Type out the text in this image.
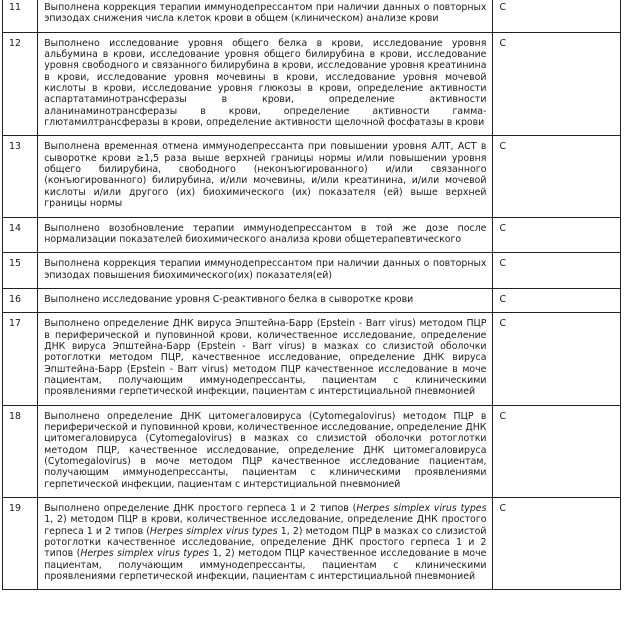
11	Выполнена коррекция терапии иммунодепрессантом при наличии данных о повторных эпизодах снижения числа клеток крови в общем (клиническом) анализе крови	С
12	Выполнено исследование уровня общего белка в крови, исследование уровня альбумина в крови, исследование уровня общего билирубина в крови, исследование уровня свободного и связанного билирубина в крови, исследование уровня креатинина в крови, исследование уровня мочевины в крови, исследование уровня мочевой кислоты в крови, исследование уровня глюкозы в крови, определение активности аспартатаминотрансферазы в крови, определение активности аланинаминотрансферазы в крови, определение активности гамма- глютамилтрансферазы в крови, определение активности щелочной фосфатазы в крови	С
13	Выполнена временная отмена иммунодепрессанта при повышении уровня АЛТ, АСТ в сыворотке крови ≥1,5 раза выше верхней границы нормы и/или повышении уровня общего билирубина, свободного (неконъюгированного) и/или связанного (конъюгированного) билирубина, и/или мочевины, и/или креатинина, и/или мочевой кислоты и/или другого (их) биохимического (их) показателя (ей) выше верхней границы нормы	С
14	Выполнено возобновление терапии иммунодепрессантом в той же дозе после нормализации показателей биохимического анализа крови общетерапевтического	С
15	Выполнена коррекция терапии иммунодепрессантом при наличии данных о повторных эпизодах повышения биохимического(их) показателя(ей)	С
16	Выполнено исследование уровня С-реактивного белка в сыворотке крови	С
17	Выполнено определение ДНК вируса Эпштейна-Барр (Epstein - Barr virus) методом ПЦР в периферической и пуповинной крови, количественное исследование, определение ДНК вируса Эпштейна-Барр (Epstein - Barr virus) в мазках со слизистой оболочки ротоглотки методом ПЦР, качественное исследование, определение ДНК вируса Эпштейна-Барр (Epstein - Barr virus) методом ПЦР качественное исследование в моче пациентам, получающим иммунодепрессанты, пациентам с клиническими проявлениями герпетической инфекции, пациентам с интерстициальной пневмонией	С
18	Выполнено определение ДНК цитомегаловируса (Cytomegalovirus) методом ПЦР в периферической и пуповинной крови, количественное исследование, определение ДНК цитомегаловируса (Cytomegalovirus) в мазках со слизистой оболочки ротоглотки методом ПЦР, качественное исследование, определение ДНК цитомегаловируса (Cytomegalovirus) в моче методом ПЦР качественное исследование пациентам, получающим иммунодепрессанты, пациентам с клиническими проявлениями герпетической инфекции, пациентам с интерстициальной пневмонией	С
19	Выполнено определение ДНК простого герпеса 1 и 2 типов (Herpes simplex virus types 1, 2) методом ПЦР в крови, количественное исследование, определение ДНК простого герпеса 1 и 2 типов (Herpes simplex virus types 1, 2) методом ПЦР в мазках со слизистой ротоглотки качественное исследование, определение ДНК простого герпеса 1 и 2 типов (Herpes simplex virus types 1, 2) методом ПЦР качественное исследование в моче пациентам, получающим иммунодепрессанты, пациентам с клиническими проявлениями герпетической инфекции, пациентам с интерстициальной пневмонией	С
